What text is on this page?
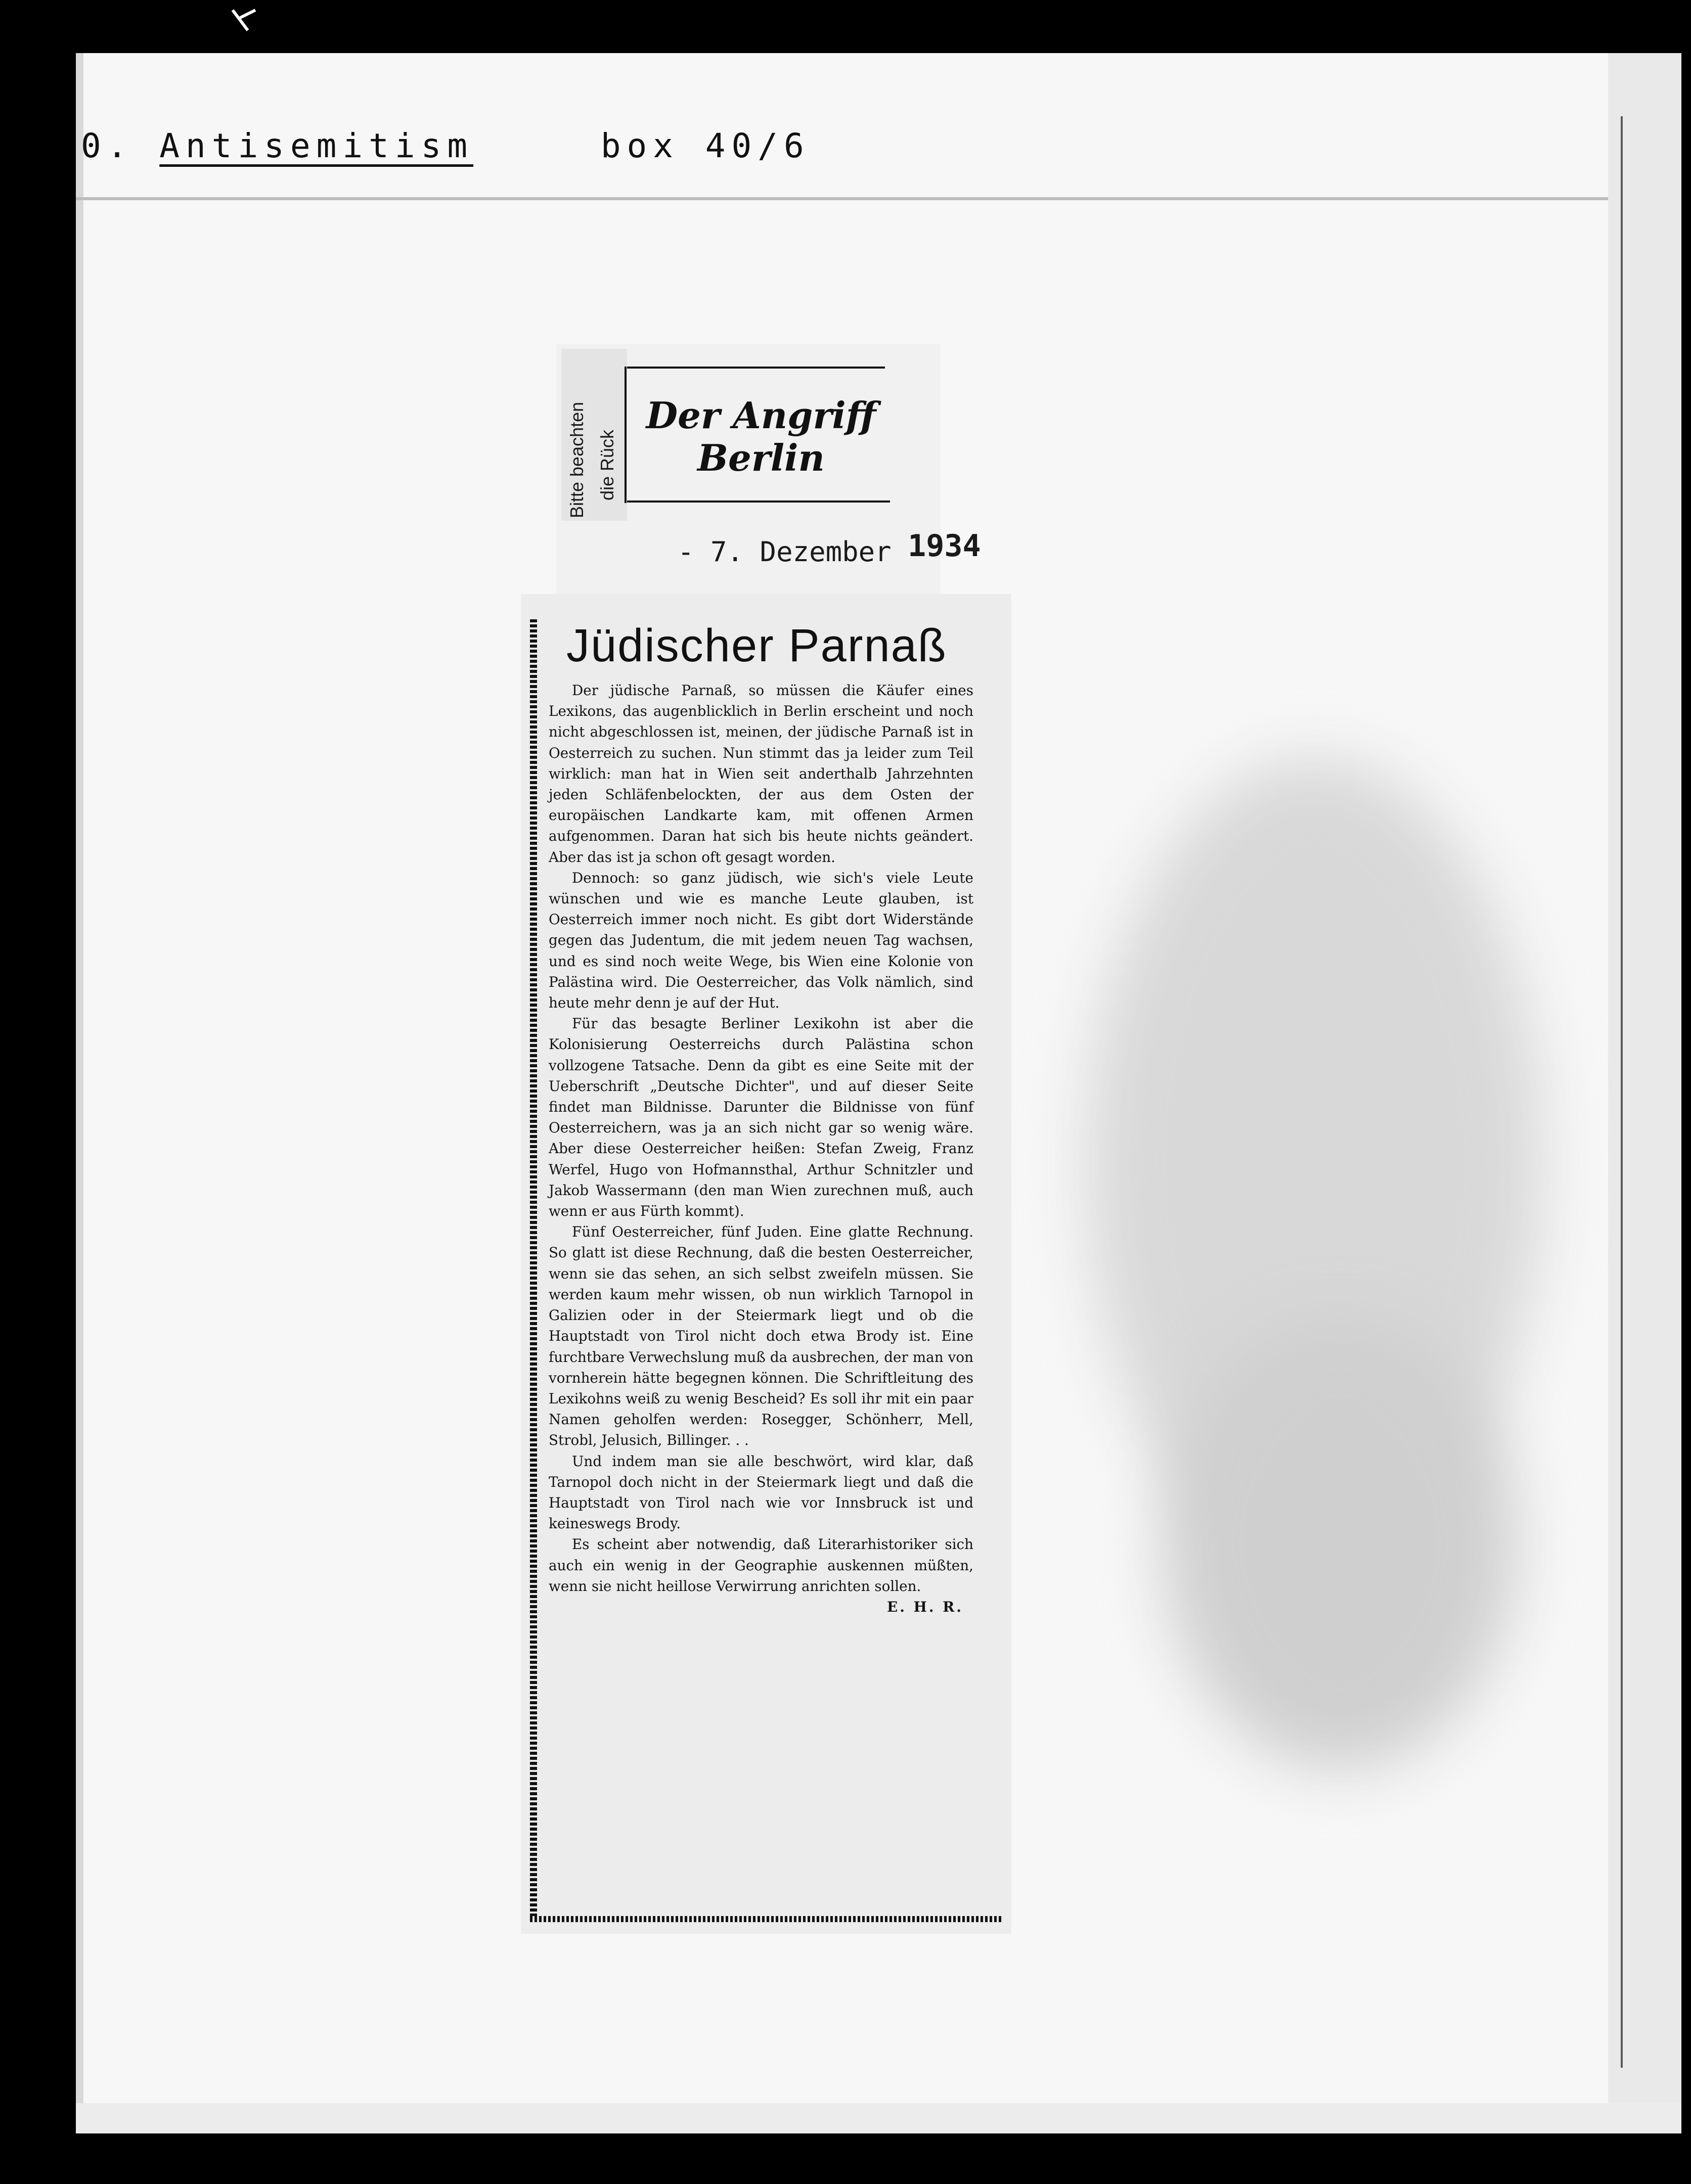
0. Antisemitism	box 40/6
Bitte beachten die Rück
Der Angriff
Berlin
- 7. Dezember 1934
Jüdischer Parnaß

Der jüdische Parnaß, so müssen die Käufer eines Lexikons, das augenblicklich in Berlin erscheint und noch nicht abgeschlossen ist, meinen, der jüdische Parnaß ist in Oesterreich zu suchen. Nun stimmt das ja leider zum Teil wirklich: man hat in Wien seit anderthalb Jahrzehnten jeden Schläfenbelockten, der aus dem Osten der europäischen Landkarte kam, mit offenen Armen aufgenommen. Daran hat sich bis heute nichts geändert. Aber das ist ja schon oft gesagt worden.

Dennoch: so ganz jüdisch, wie sich's viele Leute wünschen und wie es manche Leute glauben, ist Oesterreich immer noch nicht. Es gibt dort Widerstände gegen das Judentum, die mit jedem neuen Tag wachsen, und es sind noch weite Wege, bis Wien eine Kolonie von Palästina wird. Die Oesterreicher, das Volk nämlich, sind heute mehr denn je auf der Hut.

Für das besagte Berliner Lexikohn ist aber die Kolonisierung Oesterreichs durch Palästina schon vollzogene Tatsache. Denn da gibt es eine Seite mit der Ueberschrift „Deutsche Dichter", und auf dieser Seite findet man Bildnisse. Darunter die Bildnisse von fünf Oesterreichern, was ja an sich nicht gar so wenig wäre. Aber diese Oesterreicher heißen: Stefan Zweig, Franz Werfel, Hugo von Hofmannsthal, Arthur Schnitzler und Jakob Wassermann (den man Wien zurechnen muß, auch wenn er aus Fürth kommt).

Fünf Oesterreicher, fünf Juden. Eine glatte Rechnung. So glatt ist diese Rechnung, daß die besten Oesterreicher, wenn sie das sehen, an sich selbst zweifeln müssen. Sie werden kaum mehr wissen, ob nun wirklich Tarnopol in Galizien oder in der Steiermark liegt und ob die Hauptstadt von Tirol nicht doch etwa Brody ist. Eine furchtbare Verwechslung muß da ausbrechen, der man von vornherein hätte begegnen können. Die Schriftleitung des Lexikohns weiß zu wenig Bescheid? Es soll ihr mit ein paar Namen geholfen werden: Rosegger, Schönherr, Mell, Strobl, Jelusich, Billinger. . .

Und indem man sie alle beschwört, wird klar, daß Tarnopol doch nicht in der Steiermark liegt und daß die Hauptstadt von Tirol nach wie vor Innsbruck ist und keineswegs Brody.

Es scheint aber notwendig, daß Literarhistoriker sich auch ein wenig in der Geographie auskennen müßten, wenn sie nicht heillose Verwirrung anrichten sollen.

E. H. R.
